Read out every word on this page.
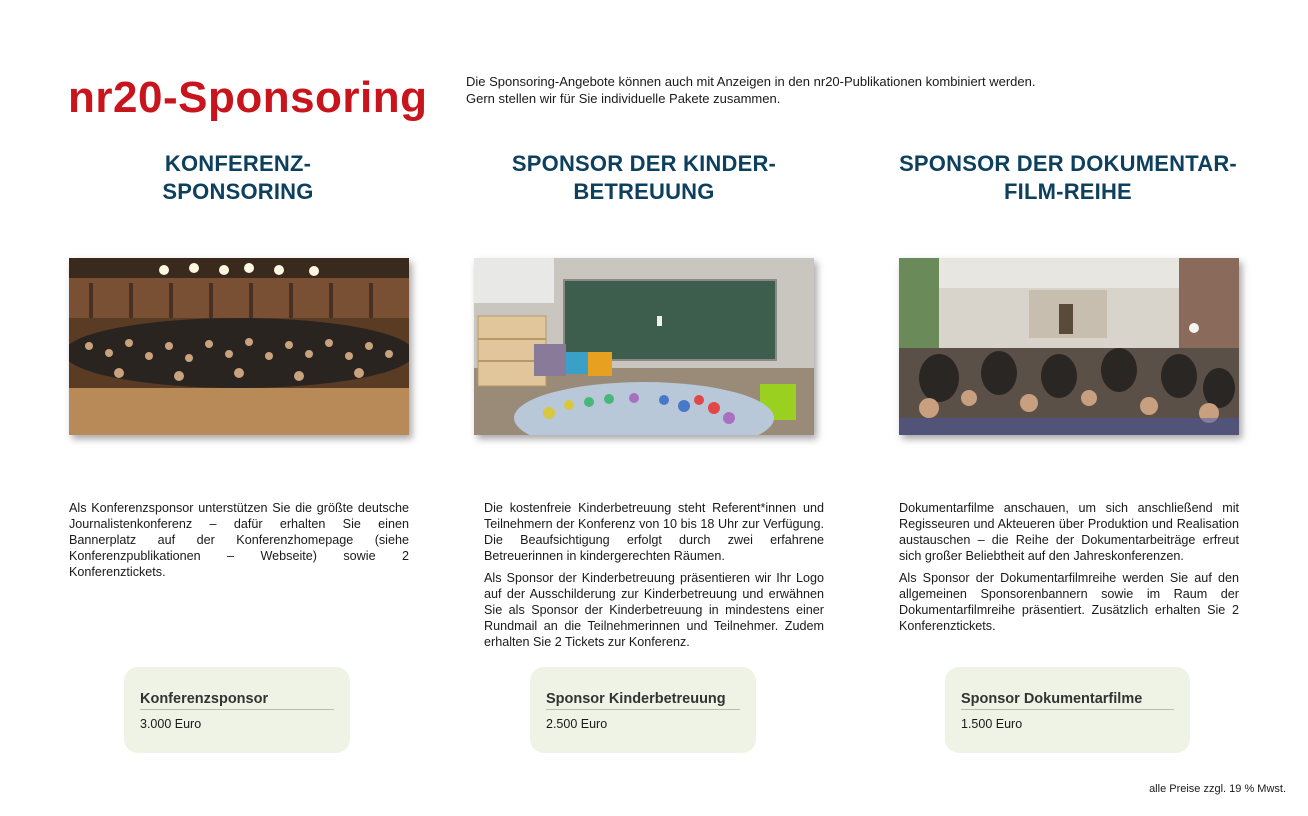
nr20-Sponsoring	Die Sponsoring-Angebote können auch mit Anzeigen in den nr20-Publikationen kombiniert werden.
Gern stellen wir für Sie individuelle Pakete zusammen.
KONFERENZ-
SPONSORING

Als Konferenzsponsor unterstützen Sie die größte deutsche Journalistenkonferenz – dafür erhalten Sie einen Bannerplatz auf der Konferenzhomepage (siehe Konferenzpublikationen – Webseite) sowie 2 Konferenztickets.

Konferenzsponsor
3.000 Euro
SPONSOR DER KINDER-
BETREUUNG

Die kostenfreie Kinderbetreuung steht Referent*innen und Teilnehmern der Konferenz von 10 bis 18 Uhr zur Verfügung. Die Beaufsichtigung erfolgt durch zwei erfahrene Betreuerinnen in kindergerechten Räumen.

Als Sponsor der Kinderbetreuung präsentieren wir Ihr Logo auf der Ausschilderung zur Kinderbetreuung und erwähnen Sie als Sponsor der Kinderbetreuung in mindestens einer Rundmail an die Teilnehmerinnen und Teilnehmer. Zudem erhalten Sie 2 Tickets zur Konferenz.

Sponsor Kinderbetreuung
2.500 Euro
SPONSOR DER DOKUMENTAR-
FILM-REIHE

Dokumentarfilme anschauen, um sich anschließend mit Regisseuren und Akteueren über Produktion und Realisation austauschen – die Reihe der Dokumentarbeiträge erfreut sich großer Beliebtheit auf den Jahreskonferenzen.

Als Sponsor der Dokumentarfilmreihe werden Sie auf den allgemeinen Sponsorenbannern sowie im Raum der Dokumentarfilmreihe präsentiert. Zusätzlich erhalten Sie 2 Konferenztickets.

Sponsor Dokumentarfilme
1.500 Euro
alle Preise zzgl. 19 % Mwst.
